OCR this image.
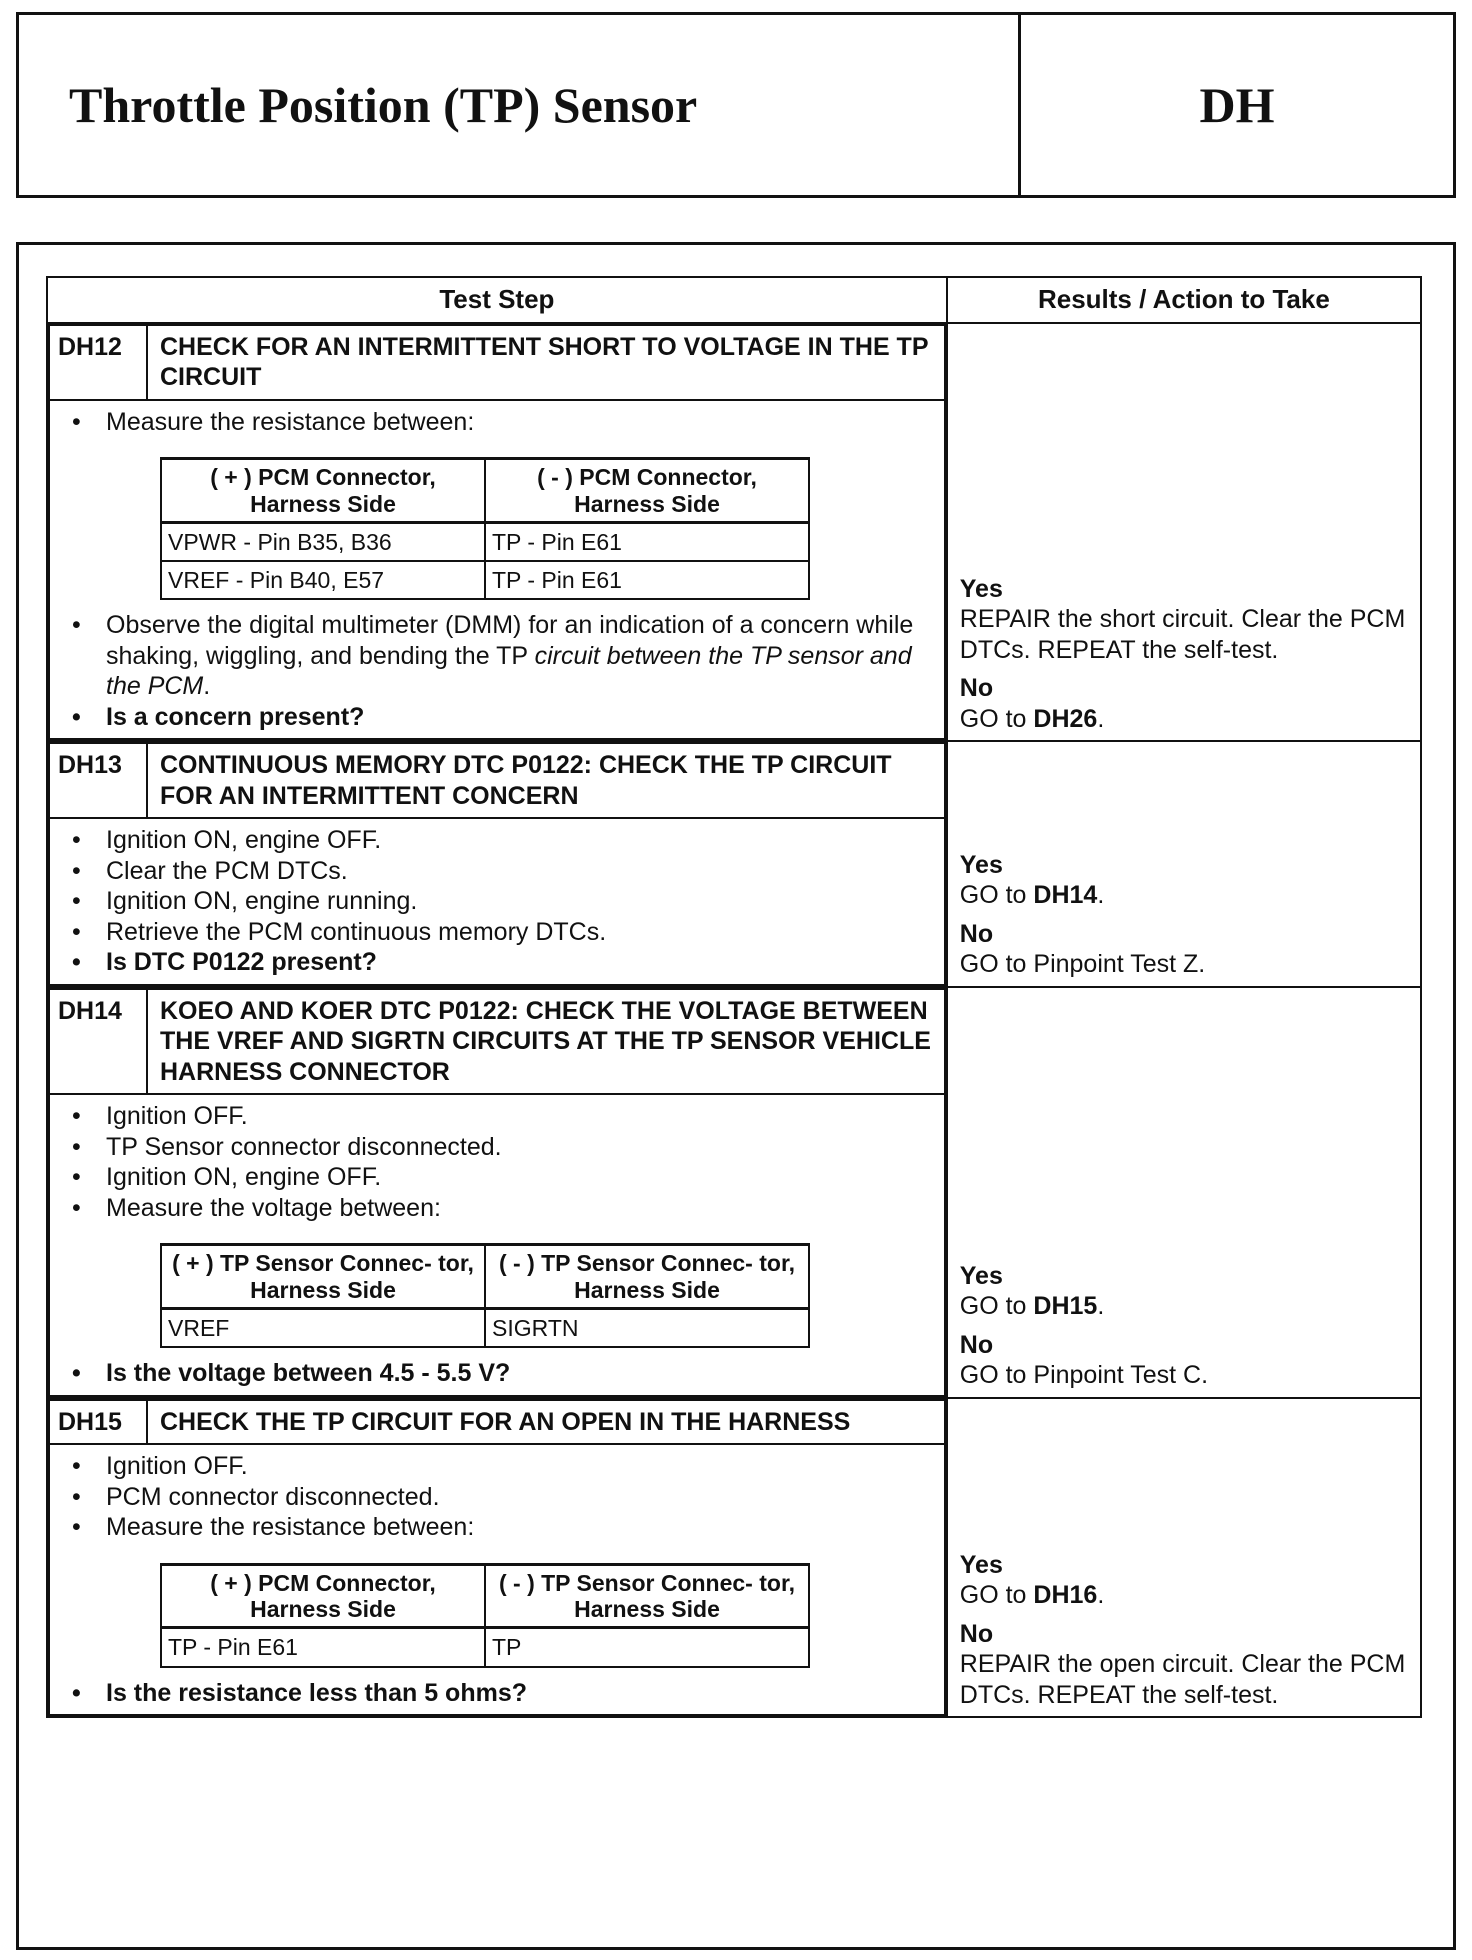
Throttle Position (TP) Sensor	DH
Test Step	Results / Action to Take

DH12	CHECK FOR AN INTERMITTENT SHORT TO VOLTAGE IN THE TP CIRCUIT

• Measure the resistance between:
( + ) PCM Connector, Harness Side	( - ) PCM Connector, Harness Side
VPWR - Pin B35, B36	TP - Pin E61
VREF - Pin B40, E57	TP - Pin E61
• Observe the digital multimeter (DMM) for an indication of a concern while shaking, wiggling, and bending the TP circuit between the TP sensor and the PCM.
• Is a concern present?

Yes
REPAIR the short circuit. Clear the PCM DTCs. REPEAT the self-test.
No
GO to DH26.

DH13	CONTINUOUS MEMORY DTC P0122: CHECK THE TP CIRCUIT FOR AN INTERMITTENT CONCERN

• Ignition ON, engine OFF.
• Clear the PCM DTCs.
• Ignition ON, engine running.
• Retrieve the PCM continuous memory DTCs.
• Is DTC P0122 present?

Yes
GO to DH14.
No
GO to Pinpoint Test Z.

DH14	KOEO AND KOER DTC P0122: CHECK THE VOLTAGE BETWEEN THE VREF AND SIGRTN CIRCUITS AT THE TP SENSOR VEHICLE HARNESS CONNECTOR

• Ignition OFF.
• TP Sensor connector disconnected.
• Ignition ON, engine OFF.
• Measure the voltage between:
( + ) TP Sensor Connec- tor, Harness Side	( - ) TP Sensor Connec- tor, Harness Side
VREF	SIGRTN
• Is the voltage between 4.5 - 5.5 V?

Yes
GO to DH15.
No
GO to Pinpoint Test C.

DH15	CHECK THE TP CIRCUIT FOR AN OPEN IN THE HARNESS

• Ignition OFF.
• PCM connector disconnected.
• Measure the resistance between:
( + ) PCM Connector, Harness Side	( - ) TP Sensor Connec- tor, Harness Side
TP - Pin E61	TP
• Is the resistance less than 5 ohms?

Yes
GO to DH16.
No
REPAIR the open circuit. Clear the PCM DTCs. REPEAT the self-test.
